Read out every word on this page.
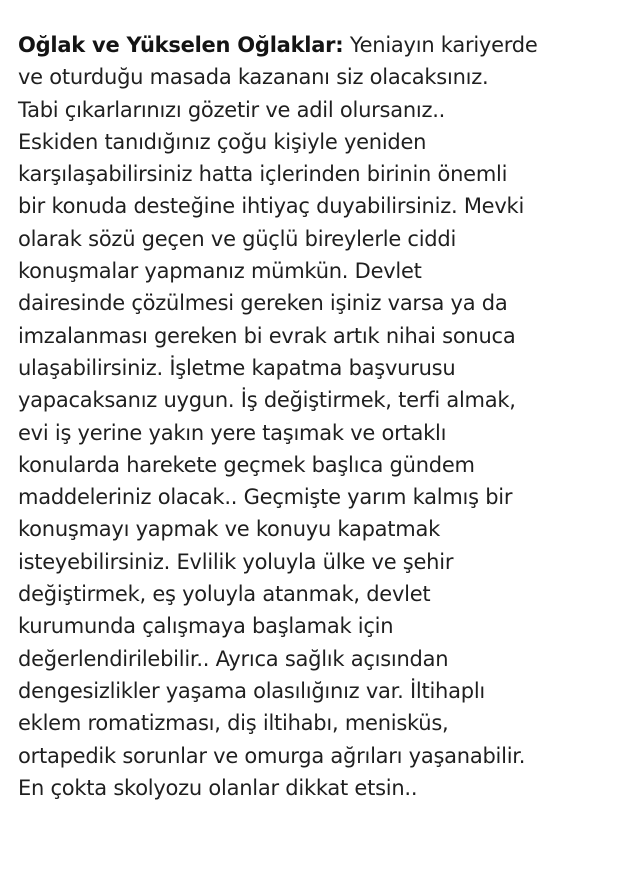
Oğlak ve Yükselen Oğlaklar: Yeniayın kariyerde
ve oturduğu masada kazananı siz olacaksınız.
Tabi çıkarlarınızı gözetir ve adil olursanız..
Eskiden tanıdığınız çoğu kişiyle yeniden
karşılaşabilirsiniz hatta içlerinden birinin önemli
bir konuda desteğine ihtiyaç duyabilirsiniz. Mevki
olarak sözü geçen ve güçlü bireylerle ciddi
konuşmalar yapmanız mümkün. Devlet
dairesinde çözülmesi gereken işiniz varsa ya da
imzalanması gereken bi evrak artık nihai sonuca
ulaşabilirsiniz. İşletme kapatma başvurusu
yapacaksanız uygun. İş değiştirmek, terfi almak,
evi iş yerine yakın yere taşımak ve ortaklı
konularda harekete geçmek başlıca gündem
maddeleriniz olacak.. Geçmişte yarım kalmış bir
konuşmayı yapmak ve konuyu kapatmak
isteyebilirsiniz. Evlilik yoluyla ülke ve şehir
değiştirmek, eş yoluyla atanmak, devlet
kurumunda çalışmaya başlamak için
değerlendirilebilir.. Ayrıca sağlık açısından
dengesizlikler yaşama olasılığınız var. İltihaplı
eklem romatizması, diş iltihabı, menisküs,
ortapedik sorunlar ve omurga ağrıları yaşanabilir.
En çokta skolyozu olanlar dikkat etsin..
